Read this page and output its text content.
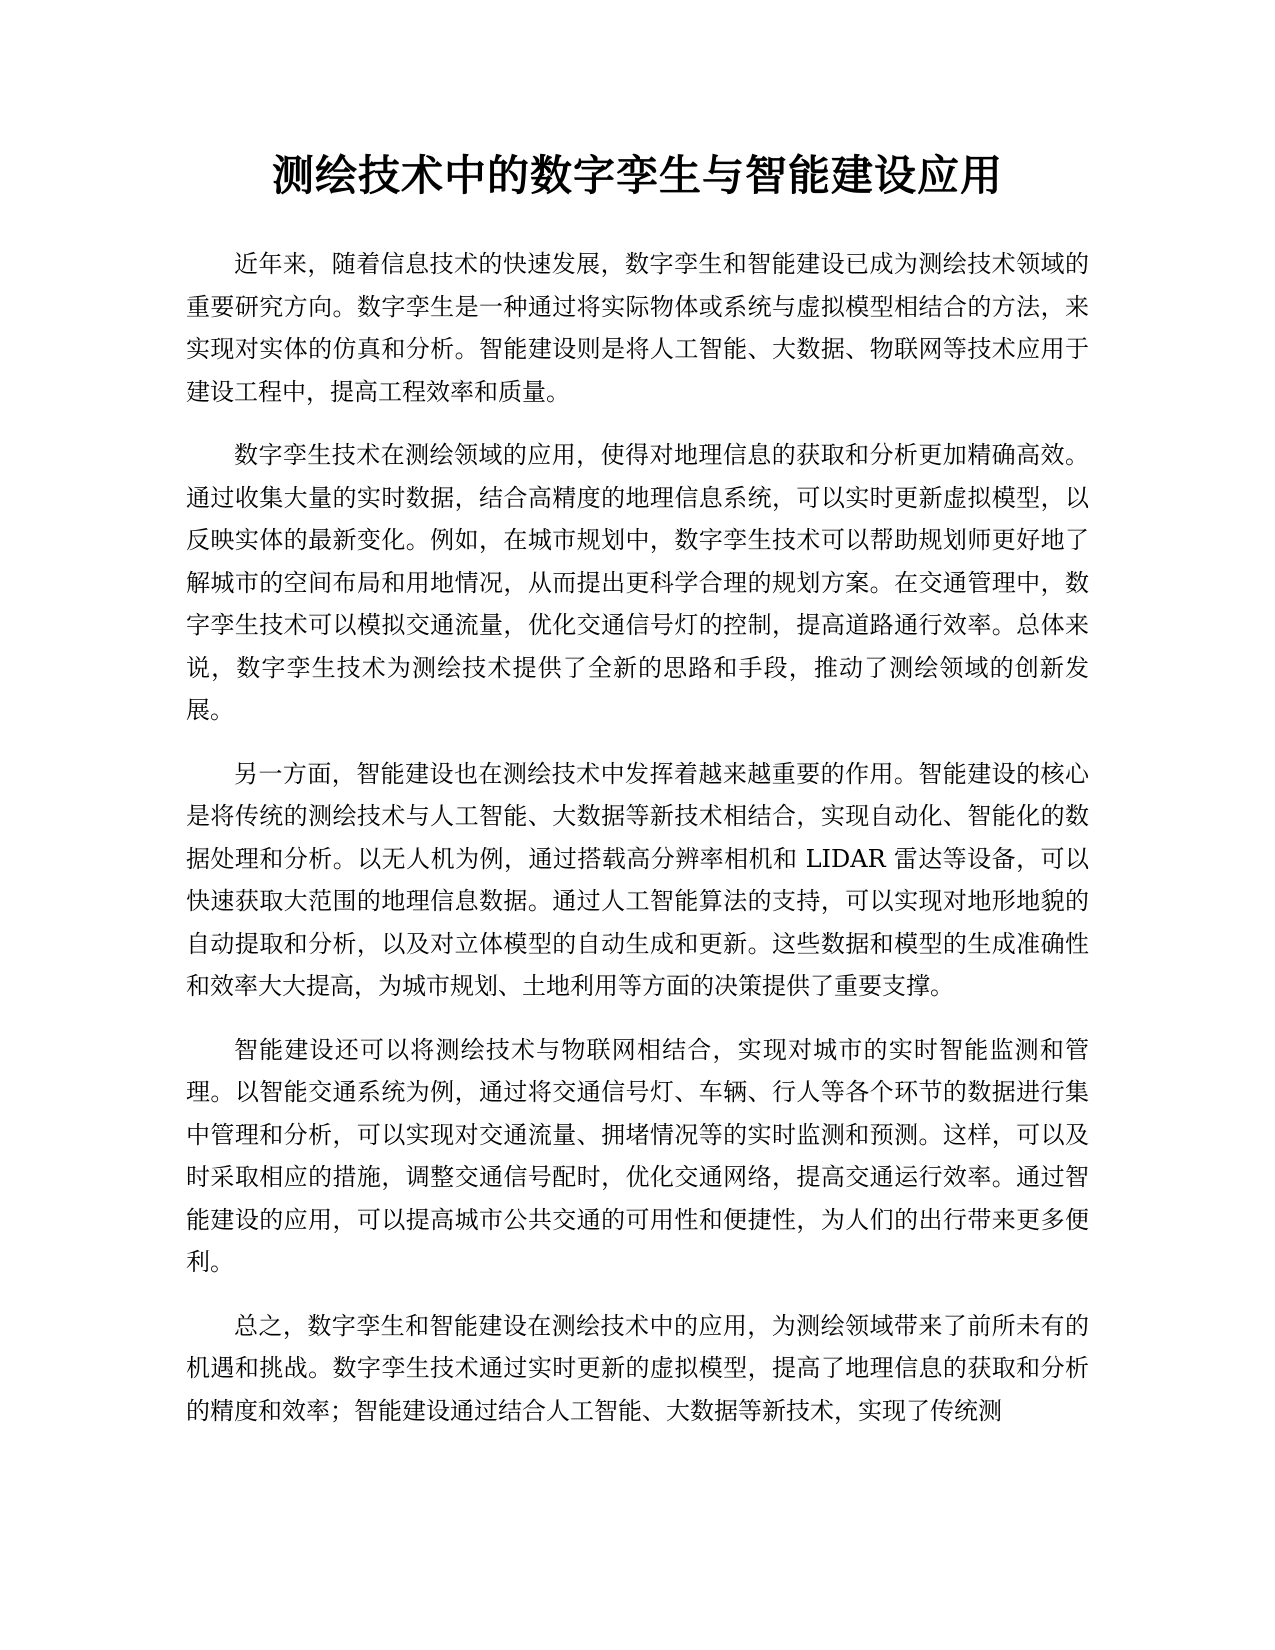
测绘技术中的数字孪生与智能建设应用

近年来，随着信息技术的快速发展，数字孪生和智能建设已成为测绘技术领域的重要研究方向。数字孪生是一种通过将实际物体或系统与虚拟模型相结合的方法，来实现对实体的仿真和分析。智能建设则是将人工智能、大数据、物联网等技术应用于建设工程中，提高工程效率和质量。

数字孪生技术在测绘领域的应用，使得对地理信息的获取和分析更加精确高效。通过收集大量的实时数据，结合高精度的地理信息系统，可以实时更新虚拟模型，以反映实体的最新变化。例如，在城市规划中，数字孪生技术可以帮助规划师更好地了解城市的空间布局和用地情况，从而提出更科学合理的规划方案。在交通管理中，数字孪生技术可以模拟交通流量，优化交通信号灯的控制，提高道路通行效率。总体来说，数字孪生技术为测绘技术提供了全新的思路和手段，推动了测绘领域的创新发展。

另一方面，智能建设也在测绘技术中发挥着越来越重要的作用。智能建设的核心是将传统的测绘技术与人工智能、大数据等新技术相结合，实现自动化、智能化的数据处理和分析。以无人机为例，通过搭载高分辨率相机和 LIDAR 雷达等设备，可以快速获取大范围的地理信息数据。通过人工智能算法的支持，可以实现对地形地貌的自动提取和分析，以及对立体模型的自动生成和更新。这些数据和模型的生成准确性和效率大大提高，为城市规划、土地利用等方面的决策提供了重要支撑。

智能建设还可以将测绘技术与物联网相结合，实现对城市的实时智能监测和管理。以智能交通系统为例，通过将交通信号灯、车辆、行人等各个环节的数据进行集中管理和分析，可以实现对交通流量、拥堵情况等的实时监测和预测。这样，可以及时采取相应的措施，调整交通信号配时，优化交通网络，提高交通运行效率。通过智能建设的应用，可以提高城市公共交通的可用性和便捷性，为人们的出行带来更多便利。

总之，数字孪生和智能建设在测绘技术中的应用，为测绘领域带来了前所未有的机遇和挑战。数字孪生技术通过实时更新的虚拟模型，提高了地理信息的获取和分析的精度和效率；智能建设通过结合人工智能、大数据等新技术，实现了传统测
